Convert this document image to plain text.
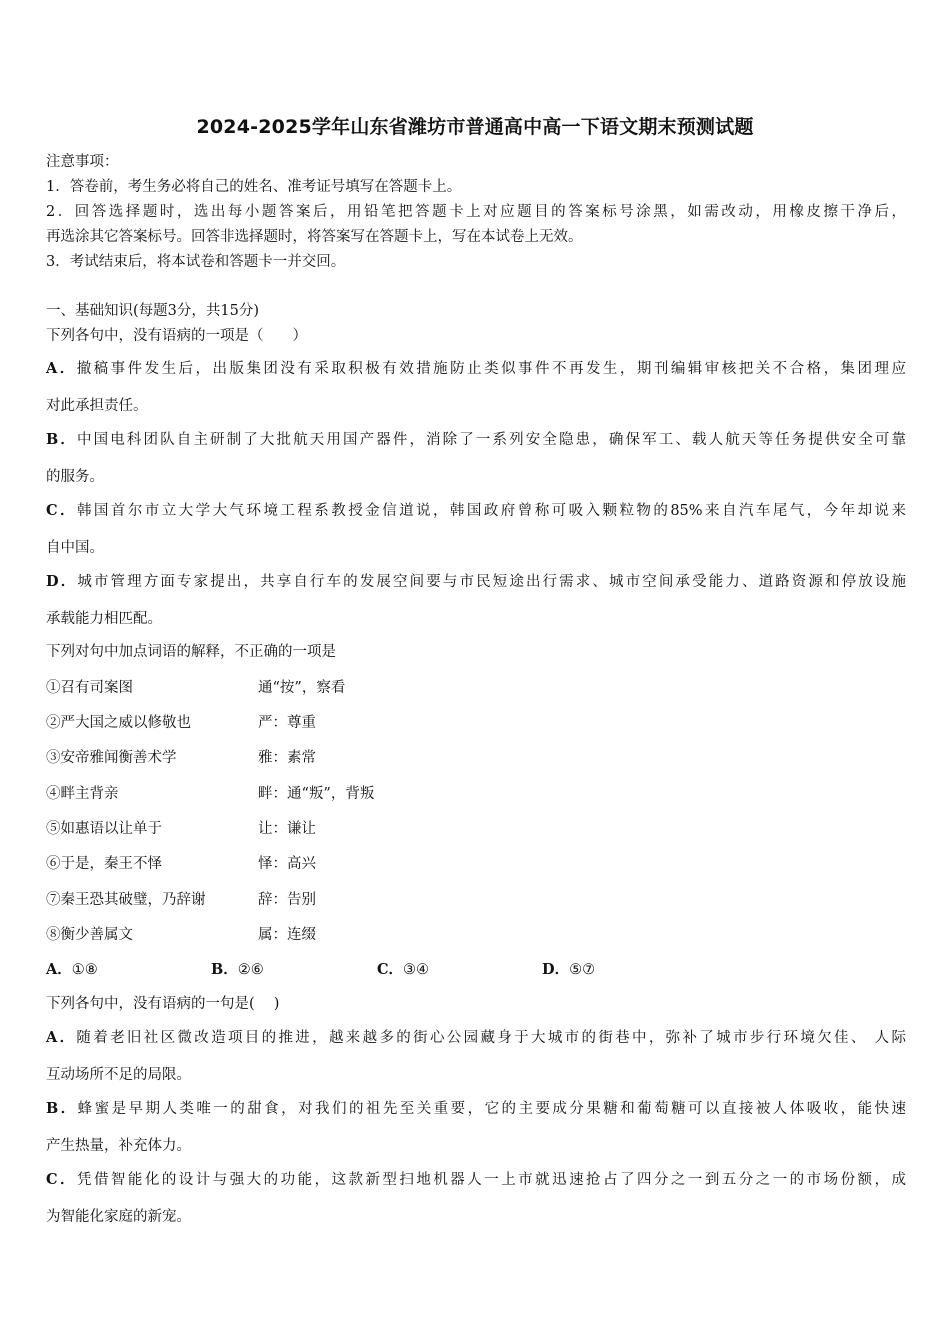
2024-2025学年山东省潍坊市普通高中高一下语文期末预测试题
注意事项：
1．答卷前，考生务必将自己的姓名、准考证号填写在答题卡上。
2．回答选择题时，选出每小题答案后，用铅笔把答题卡上对应题目的答案标号涂黑，如需改动，用橡皮擦干净后，
再选涂其它答案标号。回答非选择题时，将答案写在答题卡上，写在本试卷上无效。
3．考试结束后，将本试卷和答题卡一并交回。
一、基础知识(每题3分，共15分)
下列各句中，没有语病的一项是（　　）
A．撤稿事件发生后，出版集团没有采取积极有效措施防止类似事件不再发生，期刊编辑审核把关不合格，集团理应
对此承担责任。
B．中国电科团队自主研制了大批航天用国产器件，消除了一系列安全隐患，确保军工、载人航天等任务提供安全可靠
的服务。
C．韩国首尔市立大学大气环境工程系教授金信道说，韩国政府曾称可吸入颗粒物的85%来自汽车尾气，今年却说来
自中国。
D．城市管理方面专家提出，共享自行车的发展空间要与市民短途出行需求、城市空间承受能力、道路资源和停放设施
承载能力相匹配。
下列对句中加点词语的解释，不正确的一项是
①召有司案图	通“按”，察看
②严大国之威以修敬也	严：尊重
③安帝雅闻衡善术学	雅：素常
④畔主背亲	畔：通“叛”，背叛
⑤如惠语以让单于	让：谦让
⑥于是，秦王不怿	怿：高兴
⑦秦王恐其破璧，乃辞谢	辞：告别
⑧衡少善属文	属：连缀
A．①⑧	B．②⑥	C．③④	D．⑤⑦
下列各句中，没有语病的一句是(　 )
A．随着老旧社区微改造项目的推进，越来越多的街心公园藏身于大城市的街巷中，弥补了城市步行环境欠佳、 人际
互动场所不足的局限。
B．蜂蜜是早期人类唯一的甜食，对我们的祖先至关重要，它的主要成分果糖和葡萄糖可以直接被人体吸收，能快速
产生热量，补充体力。
C．凭借智能化的设计与强大的功能，这款新型扫地机器人一上市就迅速抢占了四分之一到五分之一的市场份额，成
为智能化家庭的新宠。
